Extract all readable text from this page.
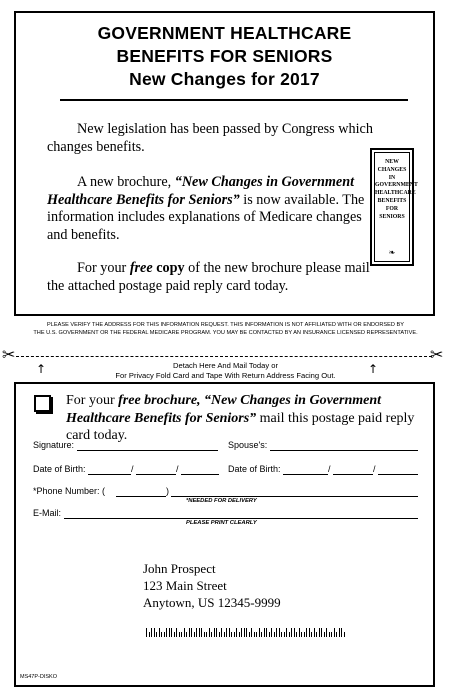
GOVERNMENT HEALTHCARE
BENEFITS FOR SENIORS
New Changes for 2017
New legislation has been passed by Congress which changes benefits.
A new brochure, “New Changes in Government Healthcare Benefits for Seniors” is now available. The information includes explanations of Medicare changes and benefits.
For your free copy of the new brochure please mail the attached postage paid reply card today.
NEW
CHANGES
IN
GOVERNMENT
HEALTHCARE
BENEFITS
FOR
SENIORS
❧
PLEASE VERIFY THE ADDRESS FOR THIS INFORMATION REQUEST. THIS INFORMATION IS NOT AFFILIATED WITH OR ENDORSED BY
THE U.S. GOVERNMENT OR THE FEDERAL MEDICARE PROGRAM. YOU MAY BE CONTACTED BY AN INSURANCE LICENSED REPRESENTATIVE.
✂	✂
↑	Detach Here And Mail Today or
For Privacy Fold Card and Tape With Return Address Facing Out.	↑
For your free brochure, “New Changes in Government Healthcare Benefits for Seniors” mail this postage paid reply card today.
Signature:	Spouse's:
Date of Birth:	/	/	Date of Birth:	/	/
*Phone Number: (	)
*NEEDED FOR DELIVERY
E-Mail:
PLEASE PRINT CLEARLY
John Prospect
123 Main Street
Anytown, US 12345-9999
MS47P-DISKO
